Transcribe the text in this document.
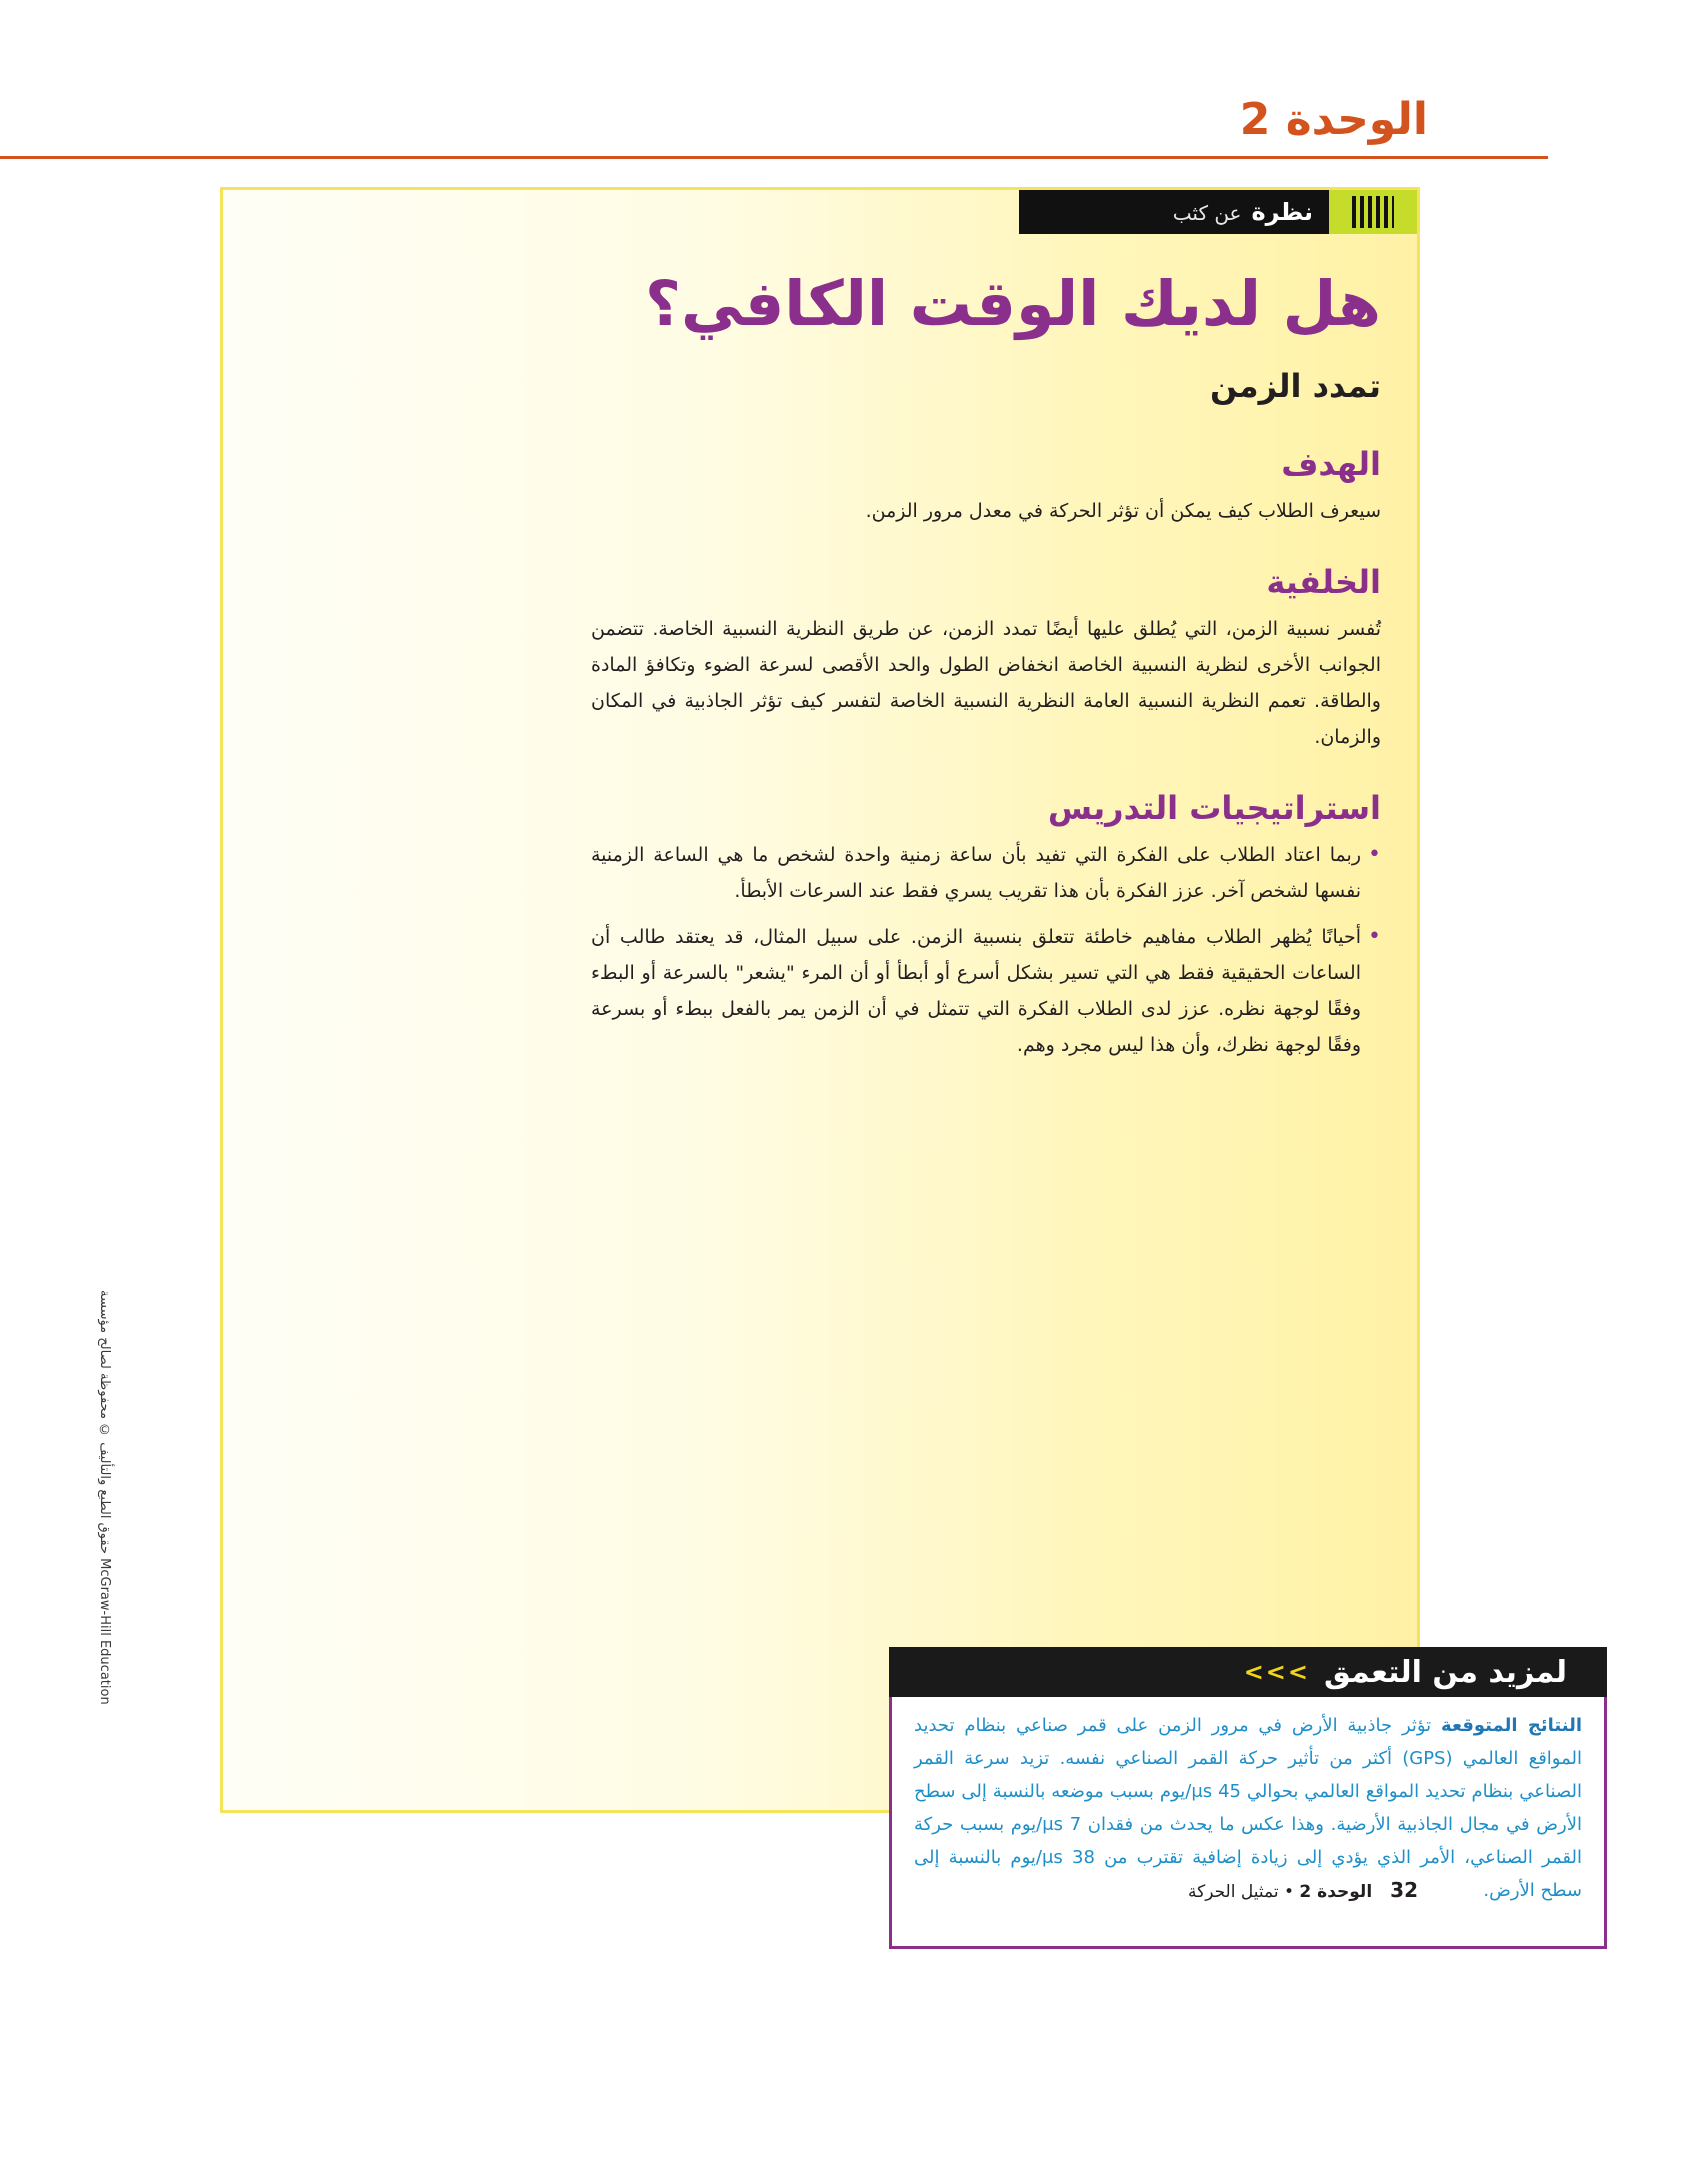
الوحدة 2
نظرة
عن كثب
هل لديك الوقت الكافي؟
تمدد الزمن
الهدف

سيعرف الطلاب كيف يمكن أن تؤثر الحركة في معدل مرور الزمن.

الخلفية

تُفسر نسبية الزمن، التي يُطلق عليها أيضًا تمدد الزمن، عن طريق النظرية النسبية الخاصة. تتضمن الجوانب الأخرى لنظرية النسبية الخاصة انخفاض الطول والحد الأقصى لسرعة الضوء وتكافؤ المادة والطاقة. تعمم النظرية النسبية العامة النظرية النسبية الخاصة لتفسر كيف تؤثر الجاذبية في المكان والزمان.

استراتيجيات التدريس
•
ربما اعتاد الطلاب على الفكرة التي تفيد بأن ساعة زمنية واحدة لشخص ما هي الساعة الزمنية نفسها لشخص آخر. عزز الفكرة بأن هذا تقريب يسري فقط عند السرعات الأبطأ.
•
أحيانًا يُظهر الطلاب مفاهيم خاطئة تتعلق بنسبية الزمن. على سبيل المثال، قد يعتقد طالب أن الساعات الحقيقية فقط هي التي تسير بشكل أسرع أو أبطأ أو أن المرء "يشعر" بالسرعة أو البطء وفقًا لوجهة نظره. عزز لدى الطلاب الفكرة التي تتمثل في أن الزمن يمر بالفعل ببطء أو بسرعة وفقًا لوجهة نظرك، وأن هذا ليس مجرد وهم.
لمزيد من التعمق
>>>
النتائج المتوقعة تؤثر جاذبية الأرض في مرور الزمن على قمر صناعي بنظام تحديد المواقع العالمي (GPS) أكثر من تأثير حركة القمر الصناعي نفسه. تزيد سرعة القمر الصناعي بنظام تحديد المواقع العالمي بحوالي 45 μs/يوم بسبب موضعه بالنسبة إلى سطح الأرض في مجال الجاذبية الأرضية. وهذا عكس ما يحدث من فقدان 7 μs/يوم بسبب حركة القمر الصناعي، الأمر الذي يؤدي إلى زيادة إضافية تقترب من 38 μs/يوم بالنسبة إلى سطح الأرض.
حقوق الطبع والتأليف © محفوظة لصالح مؤسسة McGraw-Hill Education
32
الوحدة 2 • تمثيل الحركة
